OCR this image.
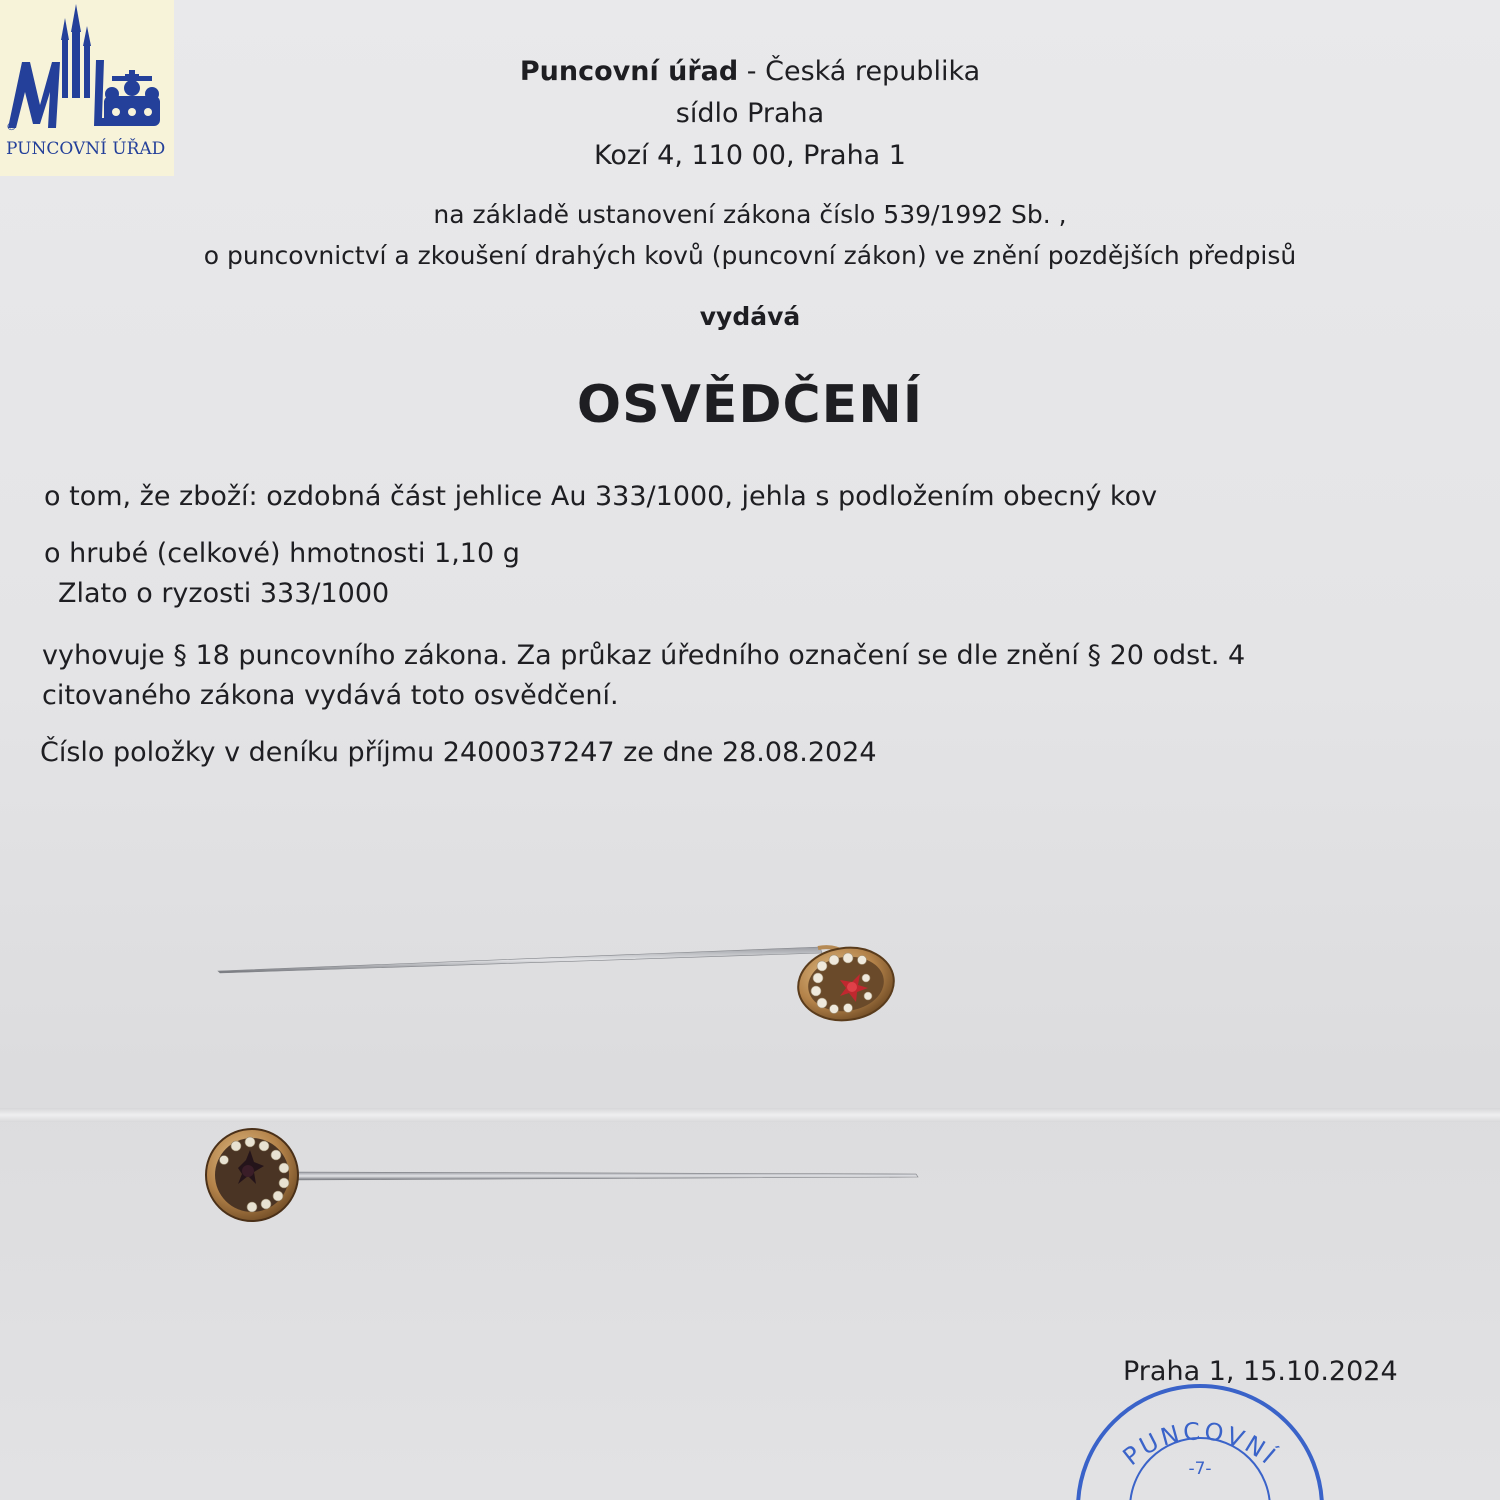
®
PUNCOVNÍ ÚŘAD
Puncovní úřad - Česká republika
sídlo Praha
Kozí 4, 110 00, Praha 1
na základě ustanovení zákona číslo 539/1992 Sb. ,
o puncovnictví a zkoušení drahých kovů (puncovní zákon) ve znění pozdějších předpisů
vydává
OSVĚDČENÍ
o tom, že zboží: ozdobná část jehlice Au 333/1000, jehla s podložením obecný kov
o hrubé (celkové) hmotnosti 1,10 g
Zlato o ryzosti 333/1000
vyhovuje § 18 puncovního zákona. Za průkaz úředního označení se dle znění § 20 odst. 4
citovaného zákona vydává toto osvědčení.
Číslo položky v deníku příjmu 2400037247 ze dne 28.08.2024
Praha 1, 15.10.2024
PUNCOVNÍ
-7-
